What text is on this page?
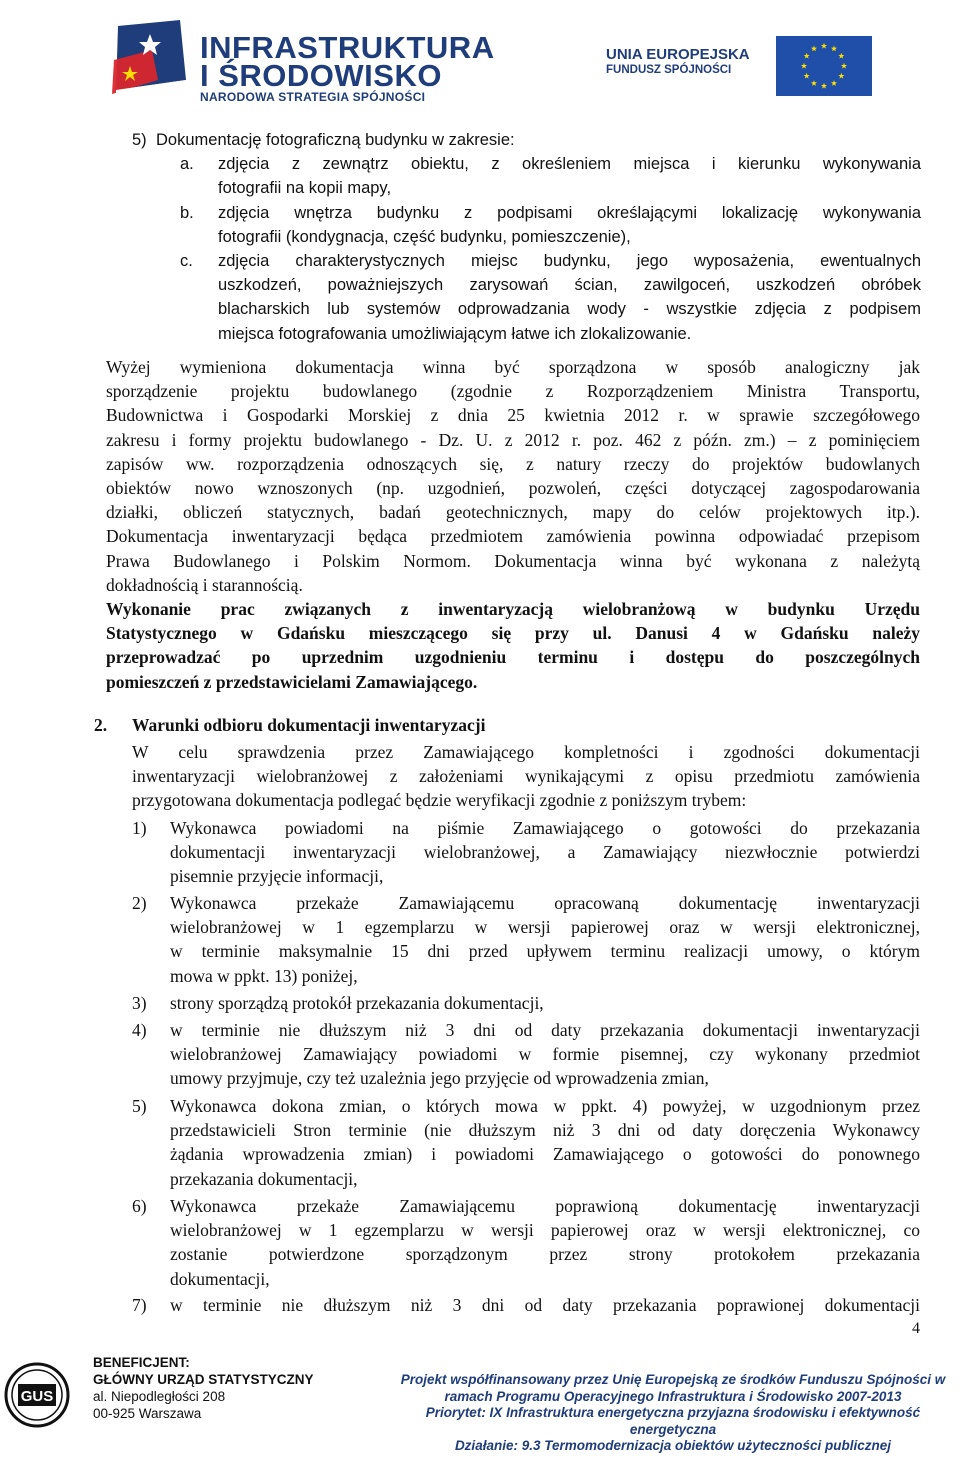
INFRASTRUKTURA
I ŚRODOWISKO
NARODOWA STRATEGIA SPÓJNOŚCI
UNIA EUROPEJSKA
FUNDUSZ SPÓJNOŚCI
5) Dokumentację fotograficzną budynku w zakresie:
a. zdjęcia z zewnątrz obiektu, z określeniem miejsca i kierunku wykonywania
fotografii na kopii mapy,
b. zdjęcia wnętrza budynku z podpisami określającymi lokalizację wykonywania
fotografii (kondygnacja, część budynku, pomieszczenie),
c. zdjęcia charakterystycznych miejsc budynku, jego wyposażenia, ewentualnych
uszkodzeń, poważniejszych zarysowań ścian, zawilgoceń, uszkodzeń obróbek
blacharskich lub systemów odprowadzania wody - wszystkie zdjęcia z podpisem
miejsca fotografowania umożliwiającym łatwe ich zlokalizowanie.
Wyżej wymieniona dokumentacja winna być sporządzona w sposób analogiczny jak
sporządzenie projektu budowlanego (zgodnie z Rozporządzeniem Ministra Transportu,
Budownictwa i Gospodarki Morskiej z dnia 25 kwietnia 2012 r. w sprawie szczegółowego
zakresu i formy projektu budowlanego - Dz. U. z 2012 r. poz. 462 z późn. zm.) – z pominięciem
zapisów ww. rozporządzenia odnoszących się, z natury rzeczy do projektów budowlanych
obiektów nowo wznoszonych (np. uzgodnień, pozwoleń, części dotyczącej zagospodarowania
działki, obliczeń statycznych, badań geotechnicznych, mapy do celów projektowych itp.).
Dokumentacja inwentaryzacji będąca przedmiotem zamówienia powinna odpowiadać przepisom
Prawa Budowlanego i Polskim Normom. Dokumentacja winna być wykonana z należytą
dokładnością i starannością.
Wykonanie prac związanych z inwentaryzacją wielobranżową w budynku Urzędu
Statystycznego w Gdańsku mieszczącego się przy ul. Danusi 4 w Gdańsku należy
przeprowadzać po uprzednim uzgodnieniu terminu i dostępu do poszczególnych
pomieszczeń z przedstawicielami Zamawiającego.
2. Warunki odbioru dokumentacji inwentaryzacji
W celu sprawdzenia przez Zamawiającego kompletności i zgodności dokumentacji
inwentaryzacji wielobranżowej z założeniami wynikającymi z opisu przedmiotu zamówienia
przygotowana dokumentacja podlegać będzie weryfikacji zgodnie z poniższym trybem:
1) Wykonawca powiadomi na piśmie Zamawiającego o gotowości do przekazania
dokumentacji inwentaryzacji wielobranżowej, a Zamawiający niezwłocznie potwierdzi
pisemnie przyjęcie informacji,
2) Wykonawca przekaże Zamawiającemu opracowaną dokumentację inwentaryzacji
wielobranżowej w 1 egzemplarzu w wersji papierowej oraz w wersji elektronicznej,
w terminie maksymalnie 15 dni przed upływem terminu realizacji umowy, o którym
mowa w ppkt. 13) poniżej,
3) strony sporządzą protokół przekazania dokumentacji,
4) w terminie nie dłuższym niż 3 dni od daty przekazania dokumentacji inwentaryzacji
wielobranżowej Zamawiający powiadomi w formie pisemnej, czy wykonany przedmiot
umowy przyjmuje, czy też uzależnia jego przyjęcie od wprowadzenia zmian,
5) Wykonawca dokona zmian, o których mowa w ppkt. 4) powyżej, w uzgodnionym przez
przedstawicieli Stron terminie (nie dłuższym niż 3 dni od daty doręczenia Wykonawcy
żądania wprowadzenia zmian) i powiadomi Zamawiającego o gotowości do ponownego
przekazania dokumentacji,
6) Wykonawca przekaże Zamawiającemu poprawioną dokumentację inwentaryzacji
wielobranżowej w 1 egzemplarzu w wersji papierowej oraz w wersji elektronicznej, co
zostanie potwierdzone sporządzonym przez strony protokołem przekazania
dokumentacji,
7) w terminie nie dłuższym niż 3 dni od daty przekazania poprawionej dokumentacji
4
GUS
BENEFICJENT:
GŁÓWNY URZĄD STATYSTYCZNY
al. Niepodległości 208
00-925 Warszawa
Projekt współfinansowany przez Unię Europejską ze środków Funduszu Spójności w
ramach Programu Operacyjnego Infrastruktura i Środowisko 2007-2013
Priorytet: IX Infrastruktura energetyczna przyjazna środowisku i efektywność
energetyczna
Działanie: 9.3 Termomodernizacja obiektów użyteczności publicznej
